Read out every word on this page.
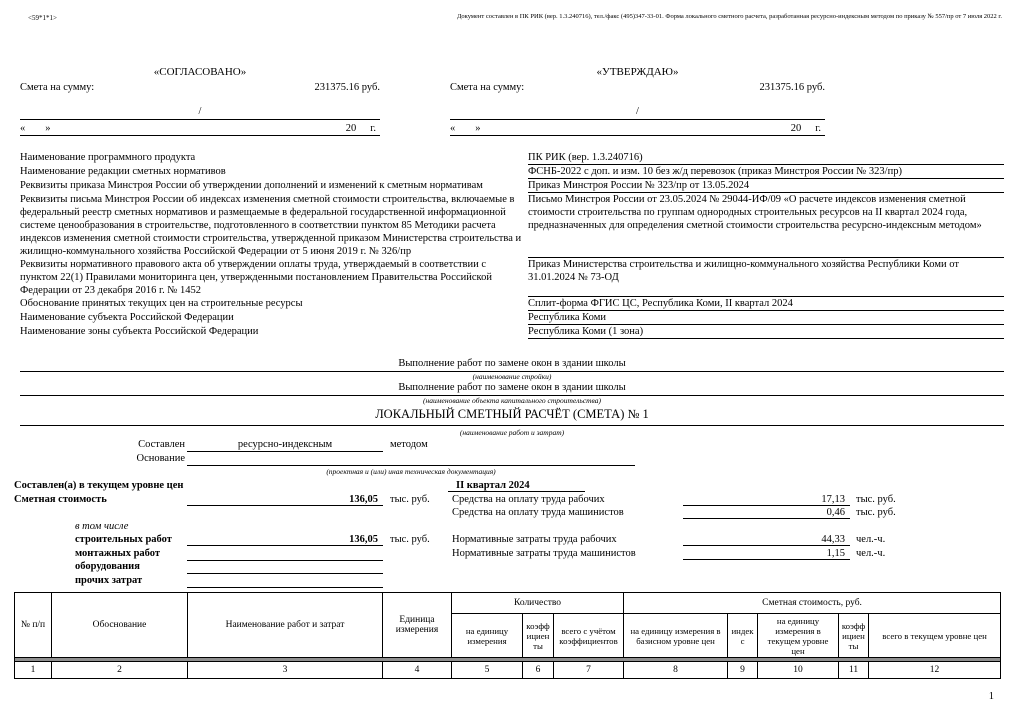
<59*1*1>	Документ составлен в ПК РИК (вер. 1.3.240716), тел./факс (495)347-33-01. Форма локального сметного расчета, разработанная ресурсно-индексным методом по приказу № 557/пр от 7 июля 2022 г.
«СОГЛАСОВАНО»
Смета на сумму:	231375.16 руб.
/
« »	20 г.
«УТВЕРЖДАЮ»
Смета на сумму:	231375.16 руб.
/
« »	20 г.
Наименование программного продукта	ПК РИК (вер. 1.3.240716)
Наименование редакции сметных нормативов	ФСНБ-2022 с доп. и изм. 10 без ж/д перевозок (приказ Минстроя России № 323/пр)
Реквизиты приказа Минстроя России об утверждении дополнений и изменений к сметным нормативам	Приказ Минстроя России № 323/пр от 13.05.2024
Реквизиты письма Минстроя России об индексах изменения сметной стоимости строительства, включаемые в федеральный реестр сметных нормативов и размещаемые в федеральной государственной информационной системе ценообразования в строительстве, подготовленного в соответствии пунктом 85 Методики расчета индексов изменения сметной стоимости строительства, утвержденной приказом Министерства строительства и жилищно-коммунального хозяйства Российской Федерации от 5 июня 2019 г. № 326/пр
Письмо Минстроя России от 23.05.2024 № 29044-ИФ/09 «О расчете индексов изменения сметной стоимости строительства по группам однородных строительных ресурсов на II квартал 2024 года, предназначенных для определения сметной стоимости строительства ресурсно-индексным методом»
Реквизиты нормативного правового акта об утверждении оплаты труда, утверждаемый в соответствии с пунктом 22(1) Правилами мониторинга цен, утвержденными постановлением Правительства Российской Федерации от 23 декабря 2016 г. № 1452
Приказ Министерства строительства и жилищно-коммунального хозяйства Республики Коми от 31.01.2024 № 73-ОД
Обоснование принятых текущих цен на строительные ресурсы	Сплит-форма ФГИС ЦС, Республика Коми, II квартал 2024
Наименование субъекта Российской Федерации	Республика Коми
Наименование зоны субъекта Российской Федерации	Республика Коми (1 зона)
Выполнение работ по замене окон в здании школы
(наименование стройки)
Выполнение работ по замене окон в здании школы
(наименование объекта капитального строительства)
ЛОКАЛЬНЫЙ СМЕТНЫЙ РАСЧЁТ (СМЕТА) № 1
(наименование работ и затрат)
Составлен	ресурсно-индексным	методом
Основание
(проектная и (или) иная техническая документация)
Составлен(а) в текущем уровне цен	II квартал 2024
Сметная стоимость	136,05	тыс. руб. Средства на оплату труда рабочих	17,13	тыс. руб.
Средства на оплату труда машинистов	0,46	тыс. руб.
в том числе
строительных работ	136,05	тыс. руб. Нормативные затраты труда рабочих	44,33	чел.-ч.
монтажных работ	Нормативные затраты труда машинистов	1,15	чел.-ч.
оборудования
прочих затрат
№ п/п	Обоснование	Наименование работ и затрат	Единица измерения	Количество			Сметная стоимость, руб.				
				на единицу измерения	коэффициенты	всего с учётом коэффициентов	на единицу измерения в базисном уровне цен	индекс	на единицу измерения в текущем уровне цен	коэффициенты	всего в текущем уровне цен

1	2	3	4	5	6	7	8	9	10	11	12
1
